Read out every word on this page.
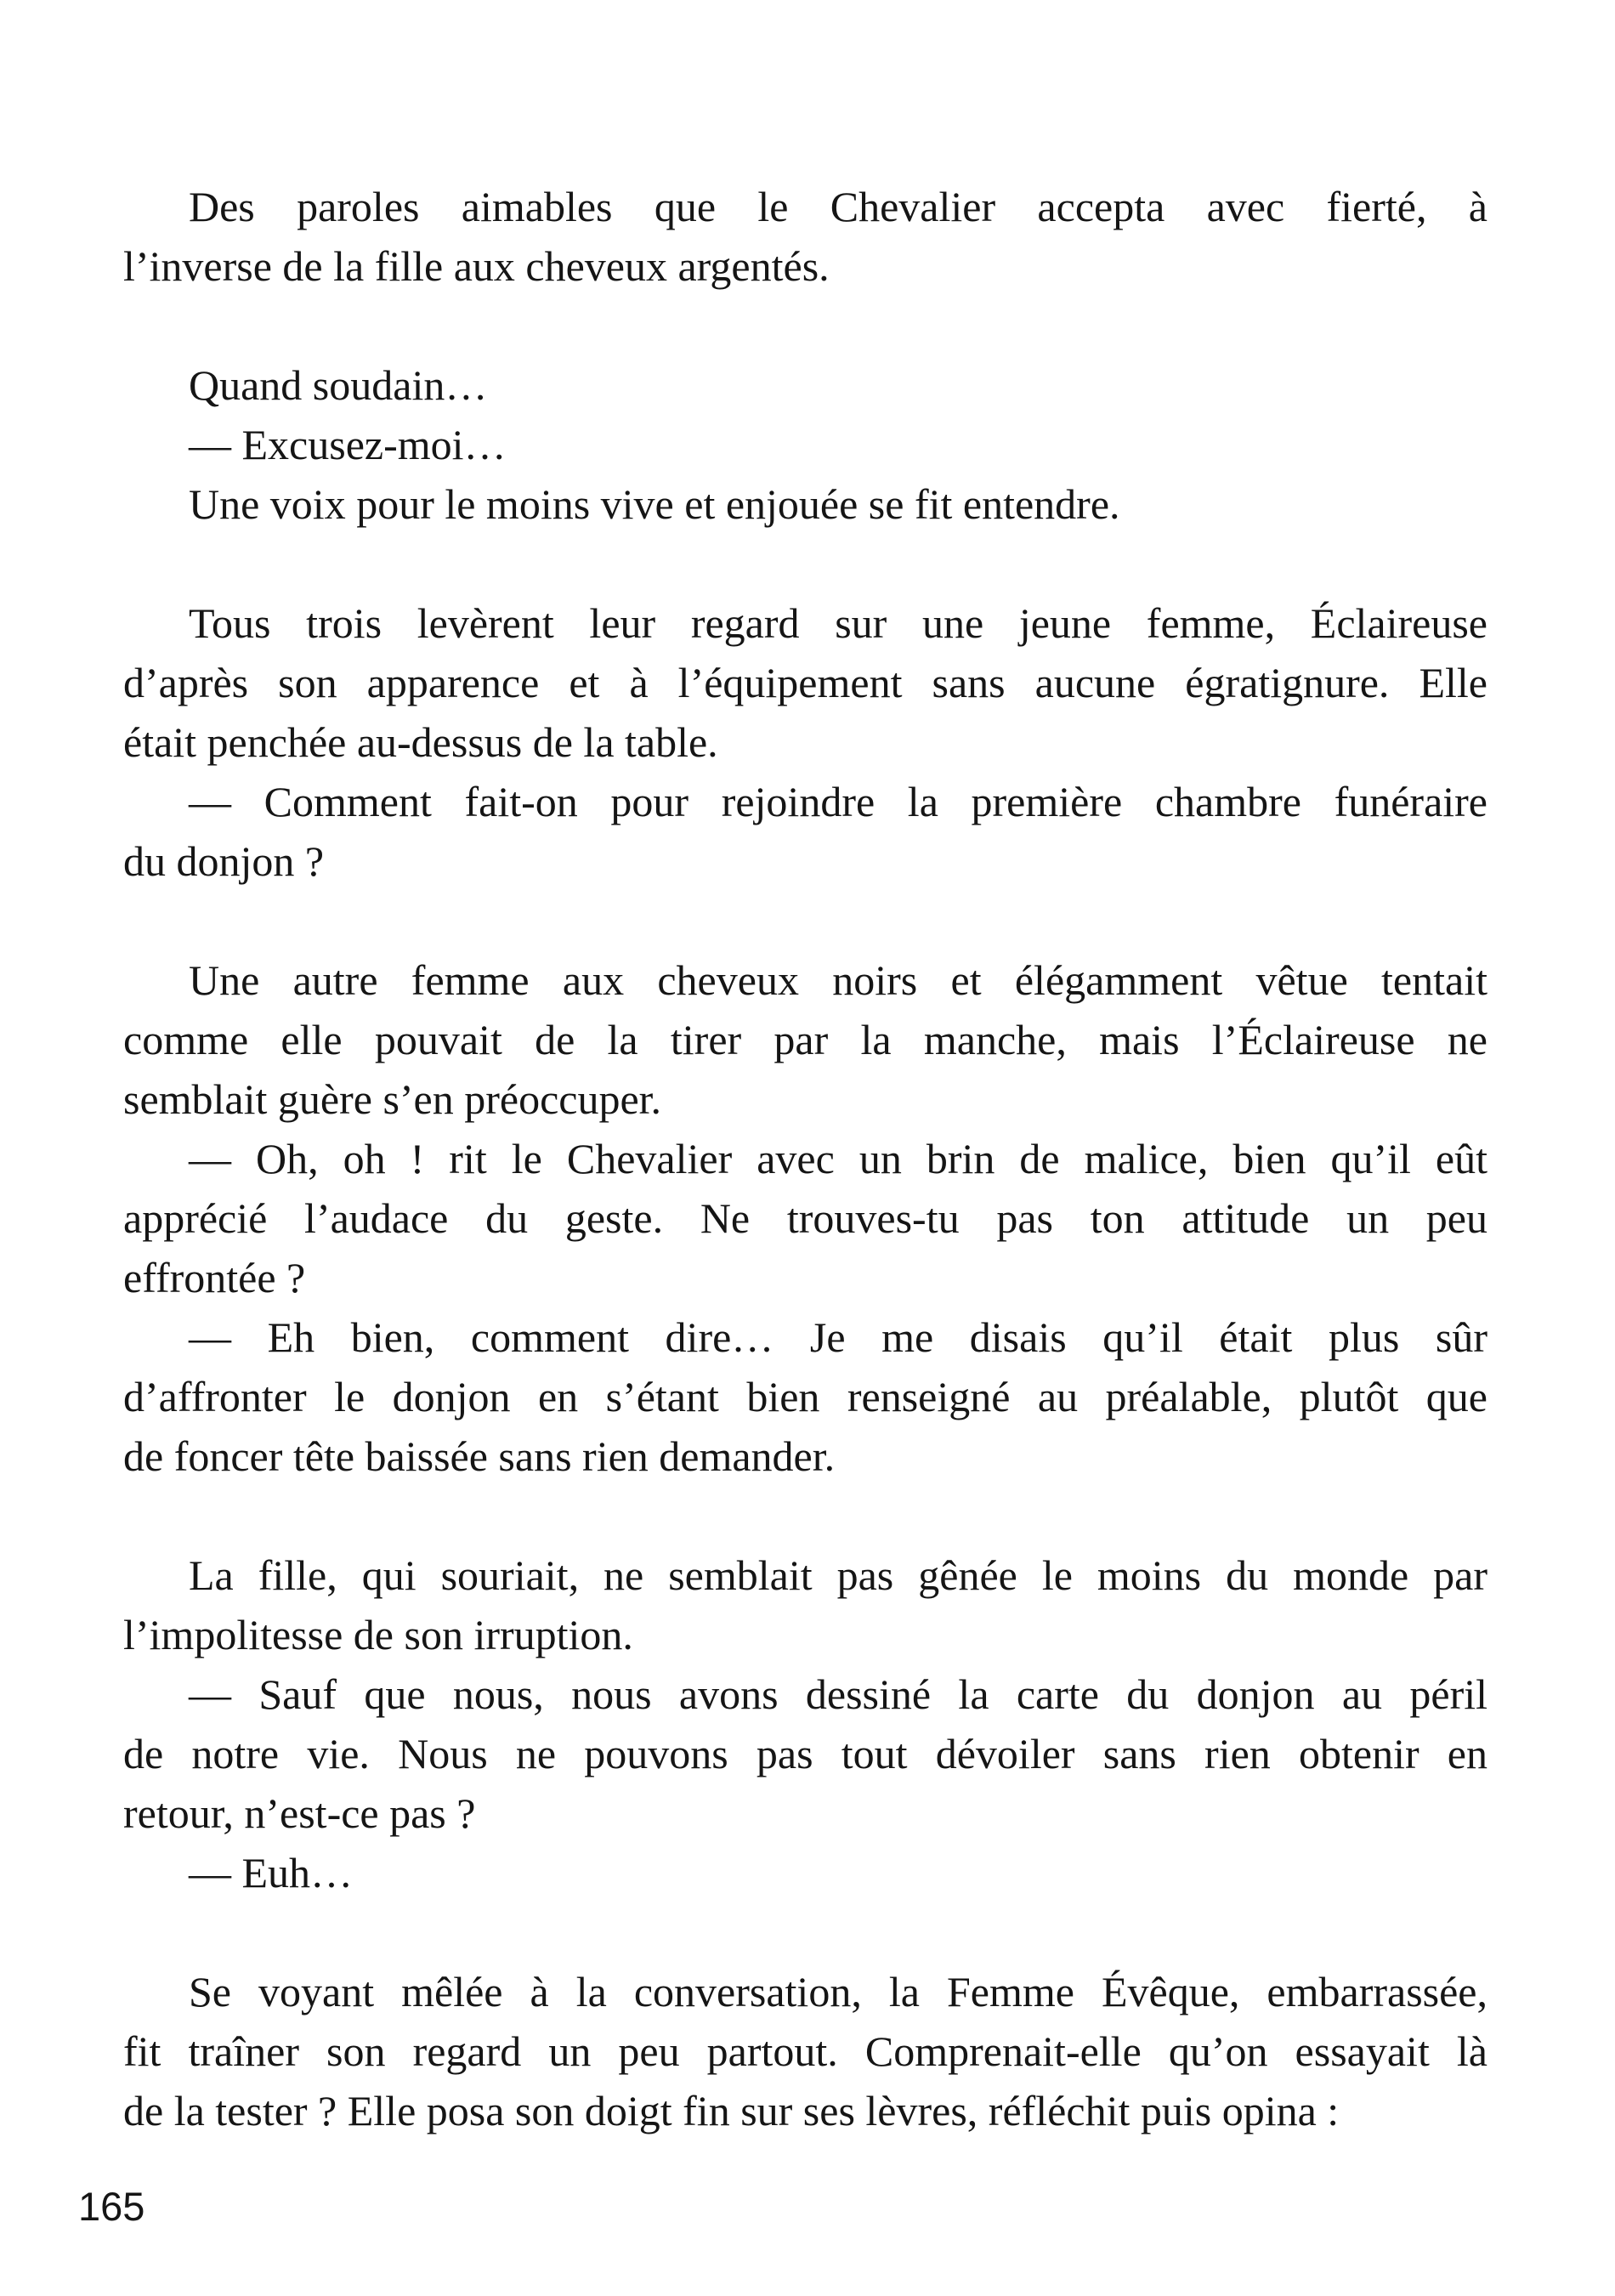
Des paroles aimables que le Chevalier accepta avec fierté, à
l’inverse de la fille aux cheveux argentés.
Quand soudain…
— Excusez-moi…
Une voix pour le moins vive et enjouée se fit entendre.
Tous trois levèrent leur regard sur une jeune femme, Éclaireuse
d’après son apparence et à l’équipement sans aucune égratignure. Elle
était penchée au-dessus de la table.
— Comment fait-on pour rejoindre la première chambre funéraire
du donjon ?
Une autre femme aux cheveux noirs et élégamment vêtue tentait
comme elle pouvait de la tirer par la manche, mais l’Éclaireuse ne
semblait guère s’en préoccuper.
— Oh, oh ! rit le Chevalier avec un brin de malice, bien qu’il eût
apprécié l’audace du geste. Ne trouves-tu pas ton attitude un peu
effrontée ?
— Eh bien, comment dire… Je me disais qu’il était plus sûr
d’affronter le donjon en s’étant bien renseigné au préalable, plutôt que
de foncer tête baissée sans rien demander.
La fille, qui souriait, ne semblait pas gênée le moins du monde par
l’impolitesse de son irruption.
— Sauf que nous, nous avons dessiné la carte du donjon au péril
de notre vie. Nous ne pouvons pas tout dévoiler sans rien obtenir en
retour, n’est-ce pas ?
— Euh…
Se voyant mêlée à la conversation, la Femme Évêque, embarrassée,
fit traîner son regard un peu partout. Comprenait-elle qu’on essayait là
de la tester ? Elle posa son doigt fin sur ses lèvres, réfléchit puis opina :
165
